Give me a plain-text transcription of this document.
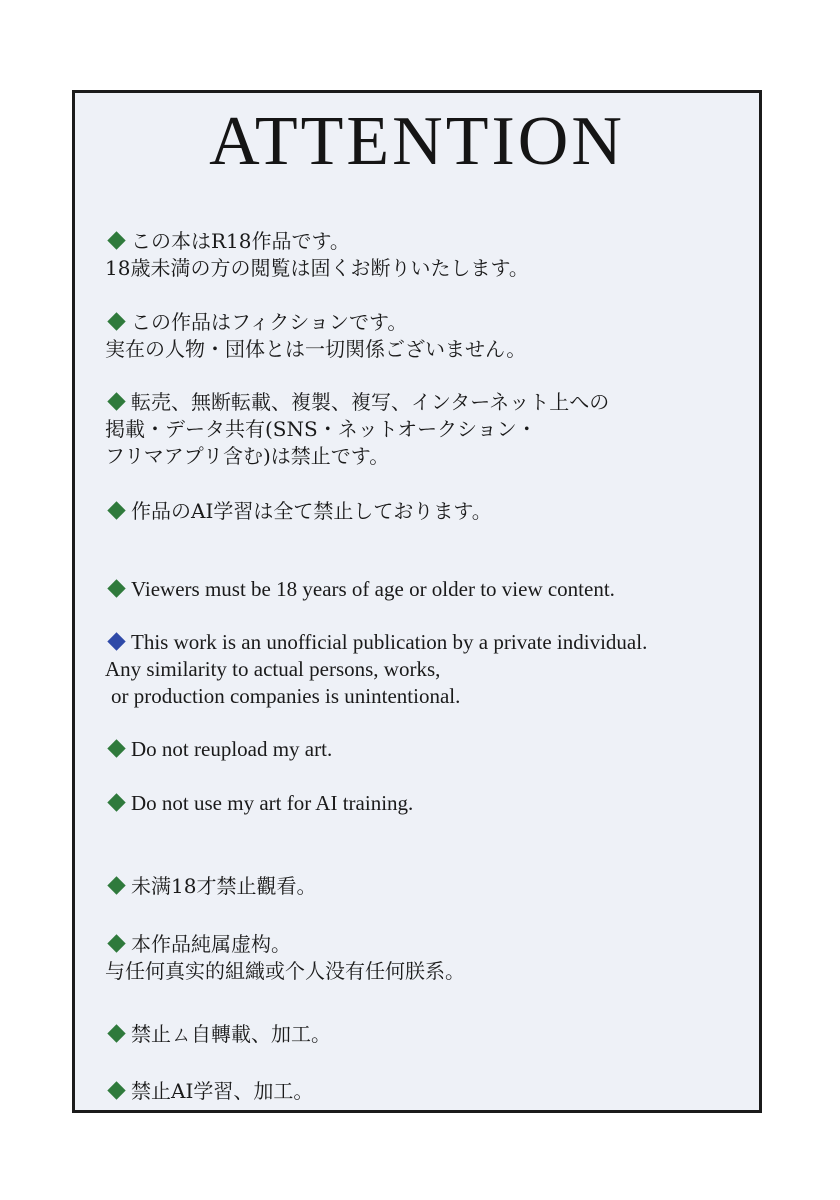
ATTENTION
この本はR18作品です。
18歳未満の方の閲覧は固くお断りいたします。
この作品はフィクションです。
実在の人物・団体とは一切関係ございません。
転売、無断転載、複製、複写、インターネット上への
掲載・データ共有(SNS・ネットオークション・
フリマアプリ含む)は禁止です。
作品のAI学習は全て禁止しております。
Viewers must be 18 years of age or older to view content.
This work is an unofficial publication by a private individual.
Any similarity to actual persons, works,
or production companies is unintentional.
Do not reupload my art.
Do not use my art for AI training.
未满18才禁止觀看。
本作品純属虚构。
与任何真实的組織或个人没有任何朕系。
禁止ㄙ自轉載、加工。
禁止AI学習、加工。
